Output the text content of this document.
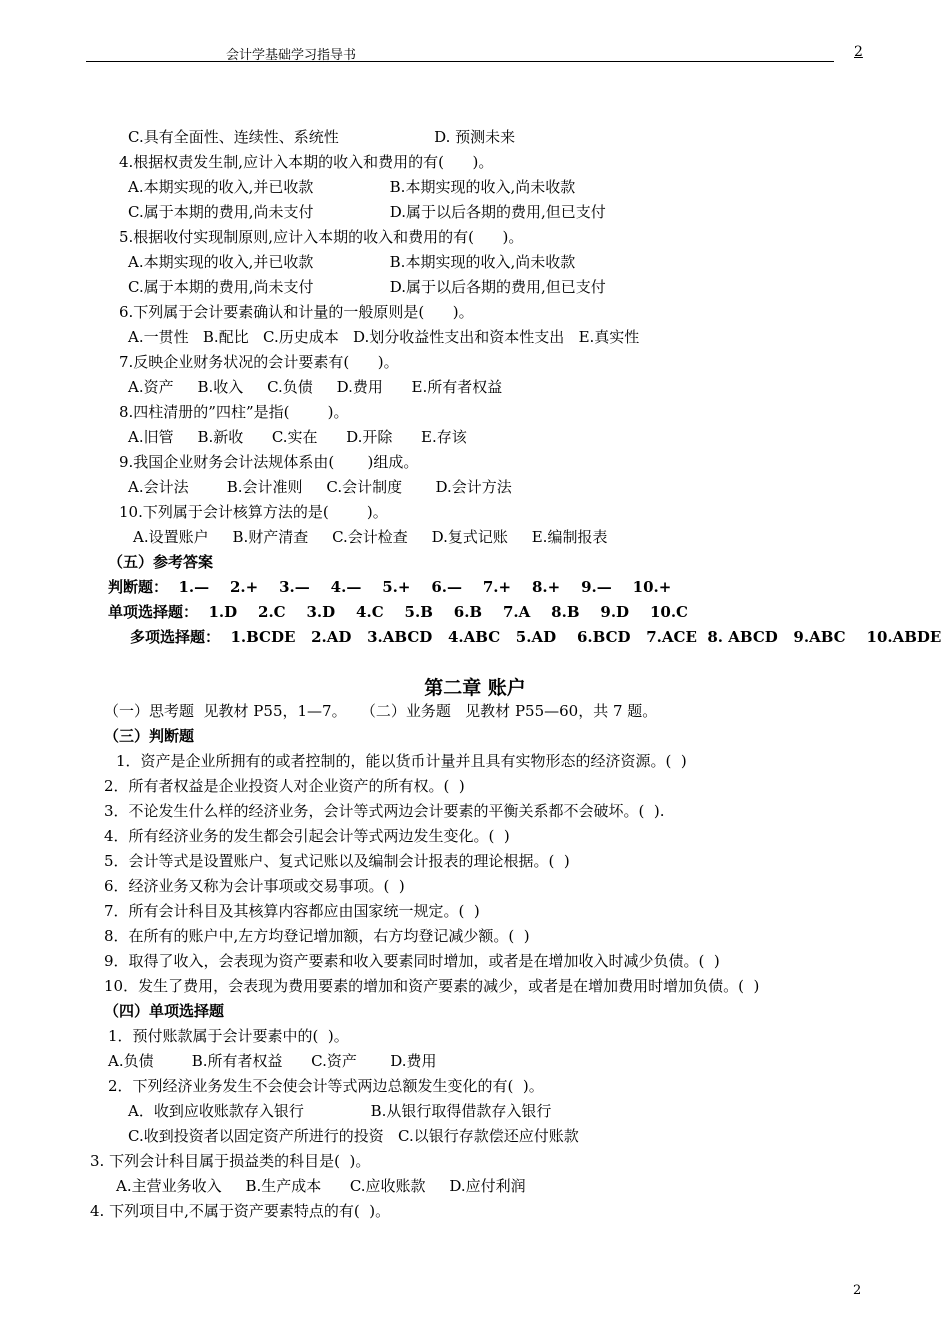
会计学基础学习指导书	2
C.具有全面性、连续性、系统性                    D. 预测未来
4.根据权责发生制,应计入本期的收入和费用的有(      )。
A.本期实现的收入,并已收款                B.本期实现的收入,尚未收款
C.属于本期的费用,尚未支付                D.属于以后各期的费用,但已支付
5.根据收付实现制原则,应计入本期的收入和费用的有(      )。
A.本期实现的收入,并已收款                B.本期实现的收入,尚未收款
C.属于本期的费用,尚未支付                D.属于以后各期的费用,但已支付
6.下列属于会计要素确认和计量的一般原则是(      )。
A.一贯性   B.配比   C.历史成本   D.划分收益性支出和资本性支出   E.真实性
7.反映企业财务状况的会计要素有(      )。
A.资产     B.收入     C.负债     D.费用      E.所有者权益
8.四柱清册的”四柱”是指(        )。
A.旧管     B.新收      C.实在      D.开除      E.存该
9.我国企业财务会计法规体系由(       )组成。
A.会计法        B.会计准则     C.会计制度       D.会计方法
10.下列属于会计核算方法的是(        )。
A.设置账户     B.财产清查     C.会计检查     D.复式记账     E.编制报表
（五）参考答案
判断题：  1.—    2.+    3.—    4.—    5.+    6.—    7.+    8.+    9.—    10.+
单项选择题：  1.D    2.C    3.D    4.C    5.B    6.B    7.A    8.B    9.D    10.C
多项选择题：  1.BCDE   2.AD   3.ABCD   4.ABC   5.AD    6.BCD   7.ACE  8. ABCD   9.ABC    10.ABDE
（一）思考题  见教材 P55，1—7。   （二）业务题   见教材 P55—60，共 7 题。
（三）判断题
1．资产是企业所拥有的或者控制的，能以货币计量并且具有实物形态的经济资源。(  )
2．所有者权益是企业投资人对企业资产的所有权。(  )
3．不论发生什么样的经济业务，会计等式两边会计要素的平衡关系都不会破坏。(  ).
4．所有经济业务的发生都会引起会计等式两边发生变化。(  )
5．会计等式是设置账户、复式记账以及编制会计报表的理论根据。(  )
6．经济业务又称为会计事项或交易事项。(  )
7．所有会计科目及其核算内容都应由国家统一规定。(  )
8．在所有的账户中,左方均登记增加额，右方均登记减少额。(  )
9．取得了收入，会表现为资产要素和收入要素同时增加，或者是在增加收入时减少负债。(  )
10．发生了费用，会表现为费用要素的增加和资产要素的减少，或者是在增加费用时增加负债。(  )
（四）单项选择题
1．预付账款属于会计要素中的(  )。
A.负债        B.所有者权益      C.资产       D.费用
2．下列经济业务发生不会使会计等式两边总额发生变化的有(  )。
A．收到应收账款存入银行              B.从银行取得借款存入银行
C.收到投资者以固定资产所进行的投资   C.以银行存款偿还应付账款
3. 下列会计科目属于损益类的科目是(  )。
A.主营业务收入     B.生产成本      C.应收账款     D.应付利润
4. 下列项目中,不属于资产要素特点的有(  )。
第二章 账户
2
